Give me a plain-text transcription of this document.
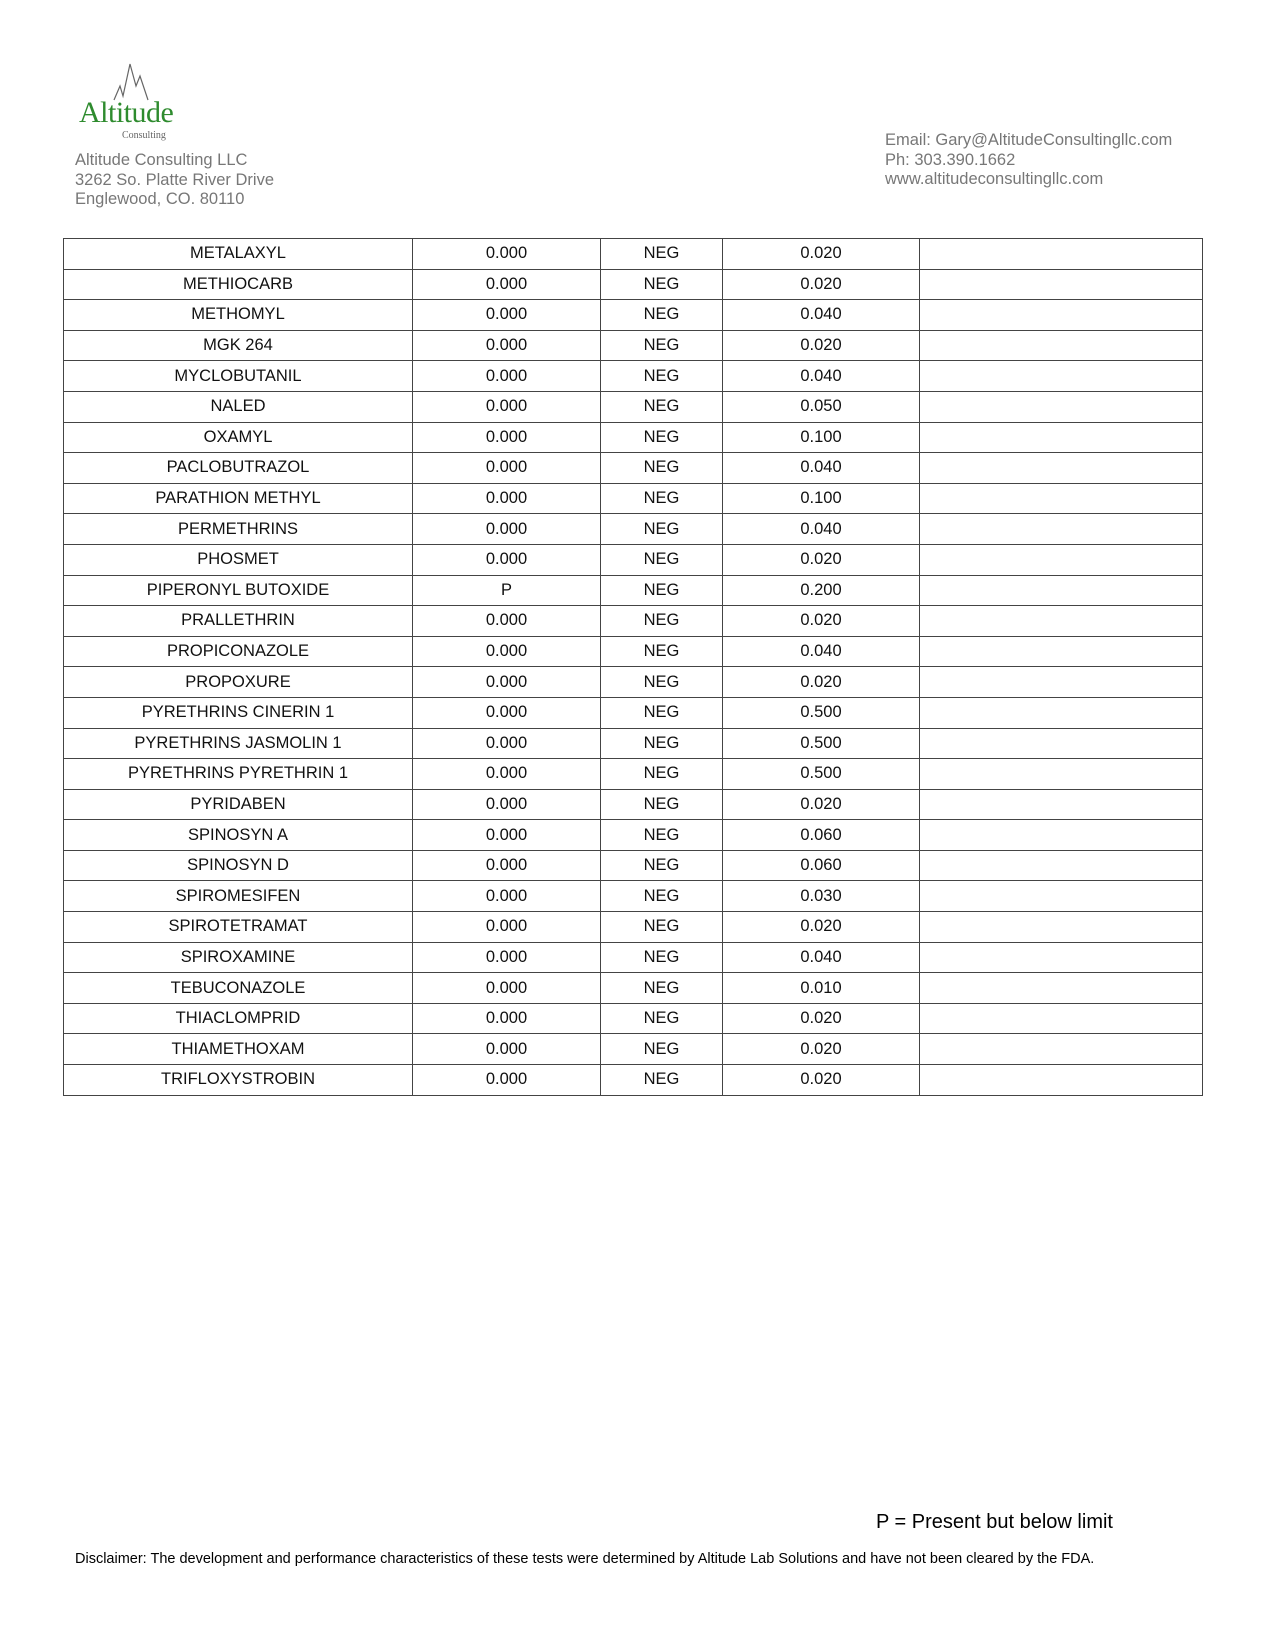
Altitude
Consulting
Altitude Consulting LLC
3262 So. Platte River Drive
Englewood, CO. 80110
Email: Gary@AltitudeConsultingllc.com
Ph: 303.390.1662
www.altitudeconsultingllc.com
METALAXYL	0.000	NEG	0.020	
METHIOCARB	0.000	NEG	0.020	
METHOMYL	0.000	NEG	0.040	
MGK 264	0.000	NEG	0.020	
MYCLOBUTANIL	0.000	NEG	0.040	
NALED	0.000	NEG	0.050	
OXAMYL	0.000	NEG	0.100	
PACLOBUTRAZOL	0.000	NEG	0.040	
PARATHION METHYL	0.000	NEG	0.100	
PERMETHRINS	0.000	NEG	0.040	
PHOSMET	0.000	NEG	0.020	
PIPERONYL BUTOXIDE	P	NEG	0.200	
PRALLETHRIN	0.000	NEG	0.020	
PROPICONAZOLE	0.000	NEG	0.040	
PROPOXURE	0.000	NEG	0.020	
PYRETHRINS CINERIN 1	0.000	NEG	0.500	
PYRETHRINS JASMOLIN 1	0.000	NEG	0.500	
PYRETHRINS PYRETHRIN 1	0.000	NEG	0.500	
PYRIDABEN	0.000	NEG	0.020	
SPINOSYN A	0.000	NEG	0.060	
SPINOSYN D	0.000	NEG	0.060	
SPIROMESIFEN	0.000	NEG	0.030	
SPIROTETRAMAT	0.000	NEG	0.020	
SPIROXAMINE	0.000	NEG	0.040	
TEBUCONAZOLE	0.000	NEG	0.010	
THIACLOMPRID	0.000	NEG	0.020	
THIAMETHOXAM	0.000	NEG	0.020	
TRIFLOXYSTROBIN	0.000	NEG	0.020	
P = Present but below limit
Disclaimer: The development and performance characteristics of these tests were determined by Altitude Lab Solutions and have not been cleared by the FDA.
